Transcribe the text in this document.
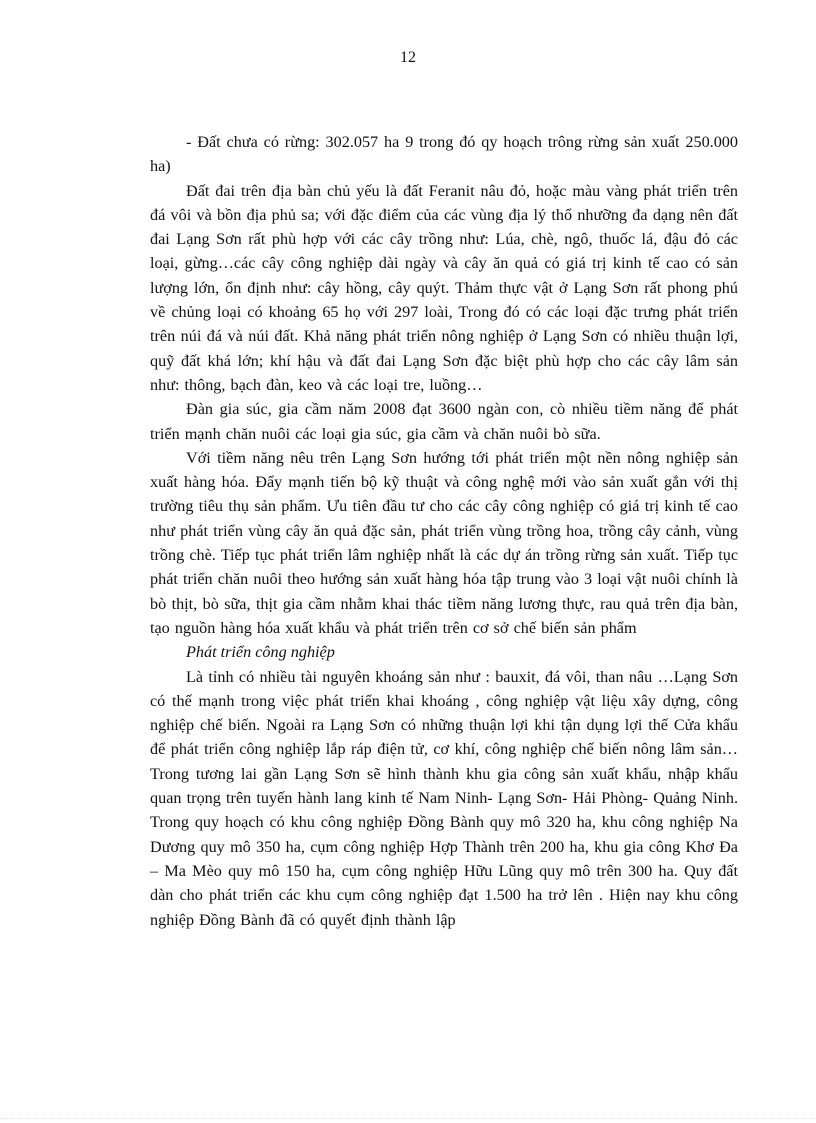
12

- Đất chưa có rừng: 302.057 ha 9 trong đó qy hoạch trông rừng sản xuất 250.000 ha)

Đất đai trên địa bàn chủ yếu là đất Feranit nâu đỏ, hoặc màu vàng phát triển trên đá vôi và bồn địa phủ sa; với đặc điểm của các vùng địa lý thổ nhưỡng đa dạng nên đất đai Lạng Sơn rất phù hợp với các cây trồng như: Lúa, chè, ngô, thuốc lá, đậu đỏ các loại, gừng…các cây công nghiệp dài ngày và cây ăn quả có giá trị kinh tế cao có sản lượng lớn, ổn định như: cây hồng, cây quýt. Thảm thực vật ở Lạng Sơn rất phong phú về chủng loại có khoảng 65 họ với 297 loài, Trong đó có các loại đặc trưng phát triển trên núi đá và núi đất. Khả năng phát triển nông nghiệp ở Lạng Sơn có nhiều thuận lợi, quỹ đất khá lớn; khí hậu và đất đai Lạng Sơn đặc biệt phù hợp cho các cây lâm sản như: thông, bạch đàn, keo và các loại tre, luồng…

Đàn gia súc, gia cầm năm 2008 đạt 3600 ngàn con, cò nhiều tiềm năng để phát triển mạnh chăn nuôi các loại gia súc, gia cầm và chăn nuôi bò sữa.

Với tiềm năng nêu trên Lạng Sơn hướng tới phát triển một nền nông nghiệp sản xuất hàng hóa. Đẩy mạnh tiến bộ kỹ thuật và công nghệ mới vào sản xuất gắn với thị trường tiêu thụ sản phẩm. Ưu tiên đầu tư cho các cây công nghiệp có giá trị kinh tế cao như phát triển vùng cây ăn quả đặc sản, phát triển vùng trồng hoa, trồng cây cảnh, vùng trồng chè. Tiếp tục phát triển lâm nghiệp nhất là các dự án trồng rừng sản xuất. Tiếp tục phát triển chăn nuôi theo hướng sản xuất hàng hóa tập trung vào 3 loại vật nuôi chính là bò thịt, bò sữa, thịt gia cầm nhằm khai thác tiềm năng lương thực, rau quả trên địa bàn, tạo nguồn hàng hóa xuất khẩu và phát triển trên cơ sở chế biến sản phẩm

Phát triển công nghiệp

Là tỉnh có nhiều tài nguyên khoáng sản như : bauxit, đá vôi, than nâu …Lạng Sơn có thế mạnh trong việc phát triển khai khoáng , công nghiệp vật liệu xây dựng, công nghiệp chế biến. Ngoài ra Lạng Sơn có những thuận lợi khi tận dụng lợi thế Cửa khẩu để phát triển công nghiệp lắp ráp điện tử, cơ khí, công nghiệp chế biến nông lâm sản…Trong tương lai gần Lạng Sơn sẽ hình thành khu gia công sản xuất khẩu, nhập khẩu quan trọng trên tuyến hành lang kinh tế Nam Ninh- Lạng Sơn- Hải Phòng- Quảng Ninh. Trong quy hoạch có khu công nghiệp Đồng Bành quy mô 320 ha, khu công nghiệp Na Dương quy mô 350 ha, cụm công nghiệp Hợp Thành trên 200 ha, khu gia công Khơ Đa – Ma Mèo quy mô 150 ha, cụm công nghiệp Hữu Lũng quy mô trên 300 ha. Quy đất dàn cho phát triển các khu cụm công nghiệp đạt 1.500 ha trở lên . Hiện nay khu công nghiệp Đồng Bành đã có quyết định thành lập
